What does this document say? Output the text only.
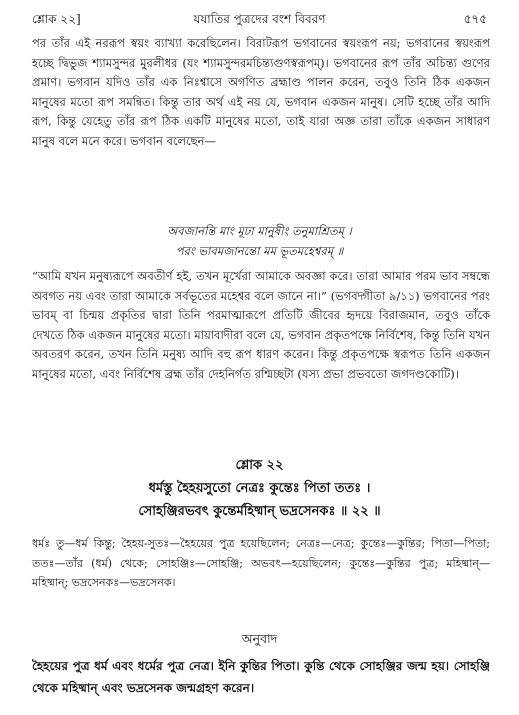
শ্লোক ২২]	যযাতির পুত্রদের বংশ বিবরণ	৫৭৫

পর তাঁর এই নররূপ স্বয়ং ব্যাখ্যা করেছিলেন। বিরাটরূপ ভগবানের স্বয়ংরূপ নয়; ভগবানের স্বয়ংরূপ হচ্ছে দ্বিভুজ শ্যামসুন্দর মুরলীধর (যং শ্যামসুন্দরমচিন্ত্যগুণস্বরূপম্)। ভগবানের রূপ তাঁর অচিন্ত্য গুণের প্রমাণ। ভগবান যদিও তাঁর এক নিঃশ্বাসে অগণিত ব্রহ্মাণ্ড পালন করেন, তবুও তিনি ঠিক একজন মানুষের মতো রূপ সমন্বিত। কিন্তু তার অর্থ এই নয় যে, ভগবান একজন মানুষ। সেটি হচ্ছে তাঁর আদি রূপ, কিন্তু যেহেতু তাঁর রূপ ঠিক একটি মানুষের মতো, তাই যারা অজ্ঞ তারা তাঁকে একজন সাধারণ মানুষ বলে মনে করে। ভগবান বলেছেন—

অবজানন্তি মাং মূঢা মানুষীং তনুমাশ্রিতম্ ।
পরং ভাবমজানন্তো মম ভূতমহেশ্বরম্ ॥

“আমি যখন মনুষ্যরূপে অবতীর্ণ হই, তখন মূর্খেরা আমাকে অবজ্ঞা করে। তারা আমার পরম ভাব সম্বন্ধে অবগত নয় এবং তারা আমাকে সর্বভূতের মহেশ্বর বলে জানে না।” (ভগবদ্গীতা ৯/১১) ভগবানের পরং ভাবম্ বা চিন্ময় প্রকৃতির দ্বারা তিনি পরমাত্মারূপে প্রতিটি জীবের হৃদয়ে বিরাজমান, তবুও তাঁকে দেখতে ঠিক একজন মানুষের মতো। মায়াবাদীরা বলে যে, ভগবান প্রকৃতপক্ষে নির্বিশেষ, কিন্তু তিনি যখন অবতরণ করেন, তখন তিনি মনুষ্য আদি বহু রূপ ধারণ করেন। কিন্তু প্রকৃতপক্ষে স্বরূপত তিনি একজন মানুষের মতো, এবং নির্বিশেষ ব্রহ্ম তাঁর দেহনির্গত রশ্মিচ্ছটা (যস্য প্রভা প্রভবতো জগদণ্ডকোটি)।

শ্লোক ২২
ধর্মস্তু হৈহয়সুতো নেত্রঃ কুন্তেঃ পিতা ততঃ ।
সোহঞ্জিরভবৎ কুন্তের্মহিষ্মান্ ভদ্রসেনকঃ ॥ ২২ ॥
ধর্মঃ তু—ধর্ম কিন্তু; হৈহয়-সুতঃ—হৈহয়ের পুত্র হয়েছিলেন; নেত্রঃ—নেত্র; কুন্তেঃ—কুন্তির; পিতা—পিতা; ততঃ—তাঁর (ধর্ম) থেকে; সোহঞ্জিঃ—সোহঞ্জি; অভবৎ—হয়েছিলেন; কুন্তেঃ—কুন্তির পুত্র; মহিষ্মান্—মহিষ্মান্; ভদ্রসেনকঃ—ভদ্রসেনক।
অনুবাদ
হৈহয়ের পুত্র ধর্ম এবং ধর্মের পুত্র নেত্র। ইনি কুন্তির পিতা। কুন্তি থেকে সোহঞ্জির জন্ম হয়। সোহঞ্জি থেকে মহিষ্মান্ এবং ভদ্রসেনক জন্মগ্রহণ করেন।
